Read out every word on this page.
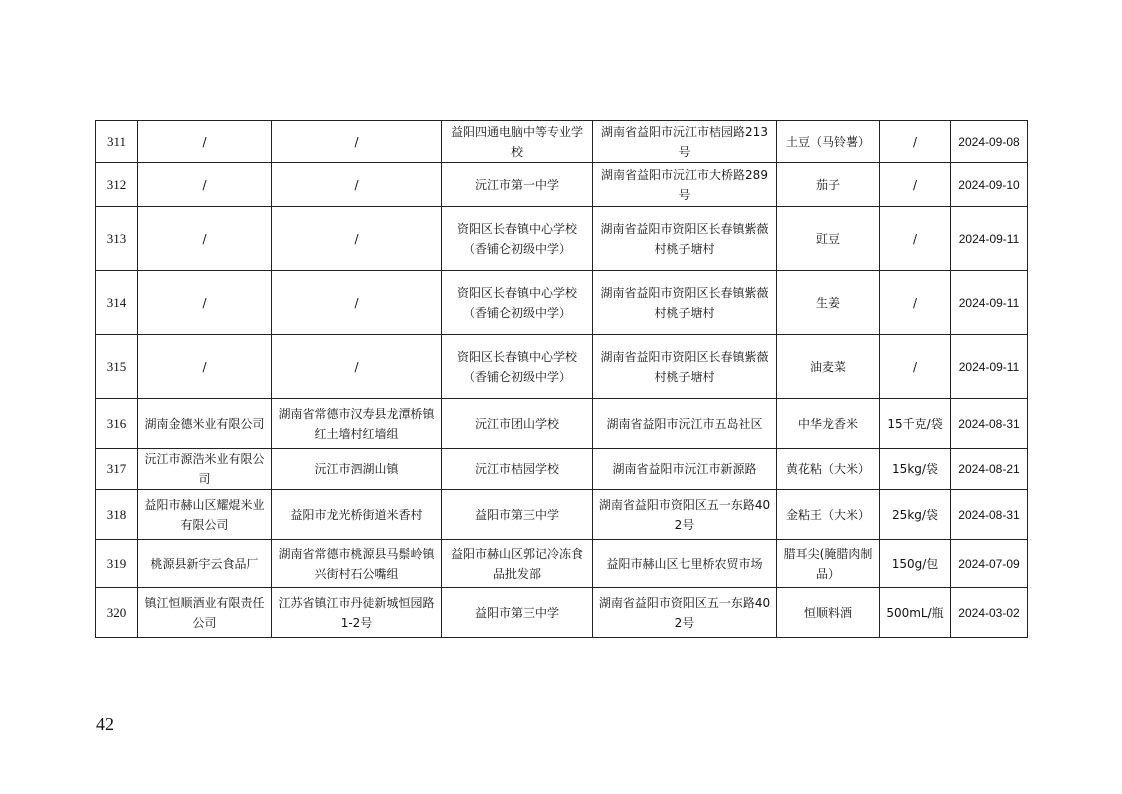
311	/	/	益阳四通电脑中等专业学校	湖南省益阳市沅江市桔园路213号	土豆（马铃薯）	/	2024-09-08
312	/	/	沅江市第一中学	湖南省益阳市沅江市大桥路289号	茄子	/	2024-09-10
313	/	/	资阳区长春镇中心学校（香铺仑初级中学）	湖南省益阳市资阳区长春镇紫薇村桃子塘村	豇豆	/	2024-09-11
314	/	/	资阳区长春镇中心学校（香铺仑初级中学）	湖南省益阳市资阳区长春镇紫薇村桃子塘村	生姜	/	2024-09-11
315	/	/	资阳区长春镇中心学校（香铺仑初级中学）	湖南省益阳市资阳区长春镇紫薇村桃子塘村	油麦菜	/	2024-09-11
316	湖南金德米业有限公司	湖南省常德市汉寿县龙潭桥镇红土墙村红墙组	沅江市团山学校	湖南省益阳市沅江市五岛社区	中华龙香米	15千克/袋	2024-08-31
317	沅江市源浩米业有限公司	沅江市泗湖山镇	沅江市桔园学校	湖南省益阳市沅江市新源路	黄花粘（大米）	15kg/袋	2024-08-21
318	益阳市赫山区耀焜米业有限公司	益阳市龙光桥街道米香村	益阳市第三中学	湖南省益阳市资阳区五一东路402号	金粘王（大米）	25kg/袋	2024-08-31
319	桃源县新宇云食品厂	湖南省常德市桃源县马鬃岭镇兴街村石公嘴组	益阳市赫山区郭记冷冻食品批发部	益阳市赫山区七里桥农贸市场	腊耳尖(腌腊肉制品）	150g/包	2024-07-09
320	镇江恒顺酒业有限责任公司	江苏省镇江市丹徒新城恒园路1-2号	益阳市第三中学	湖南省益阳市资阳区五一东路402号	恒顺料酒	500mL/瓶	2024-03-02
42
